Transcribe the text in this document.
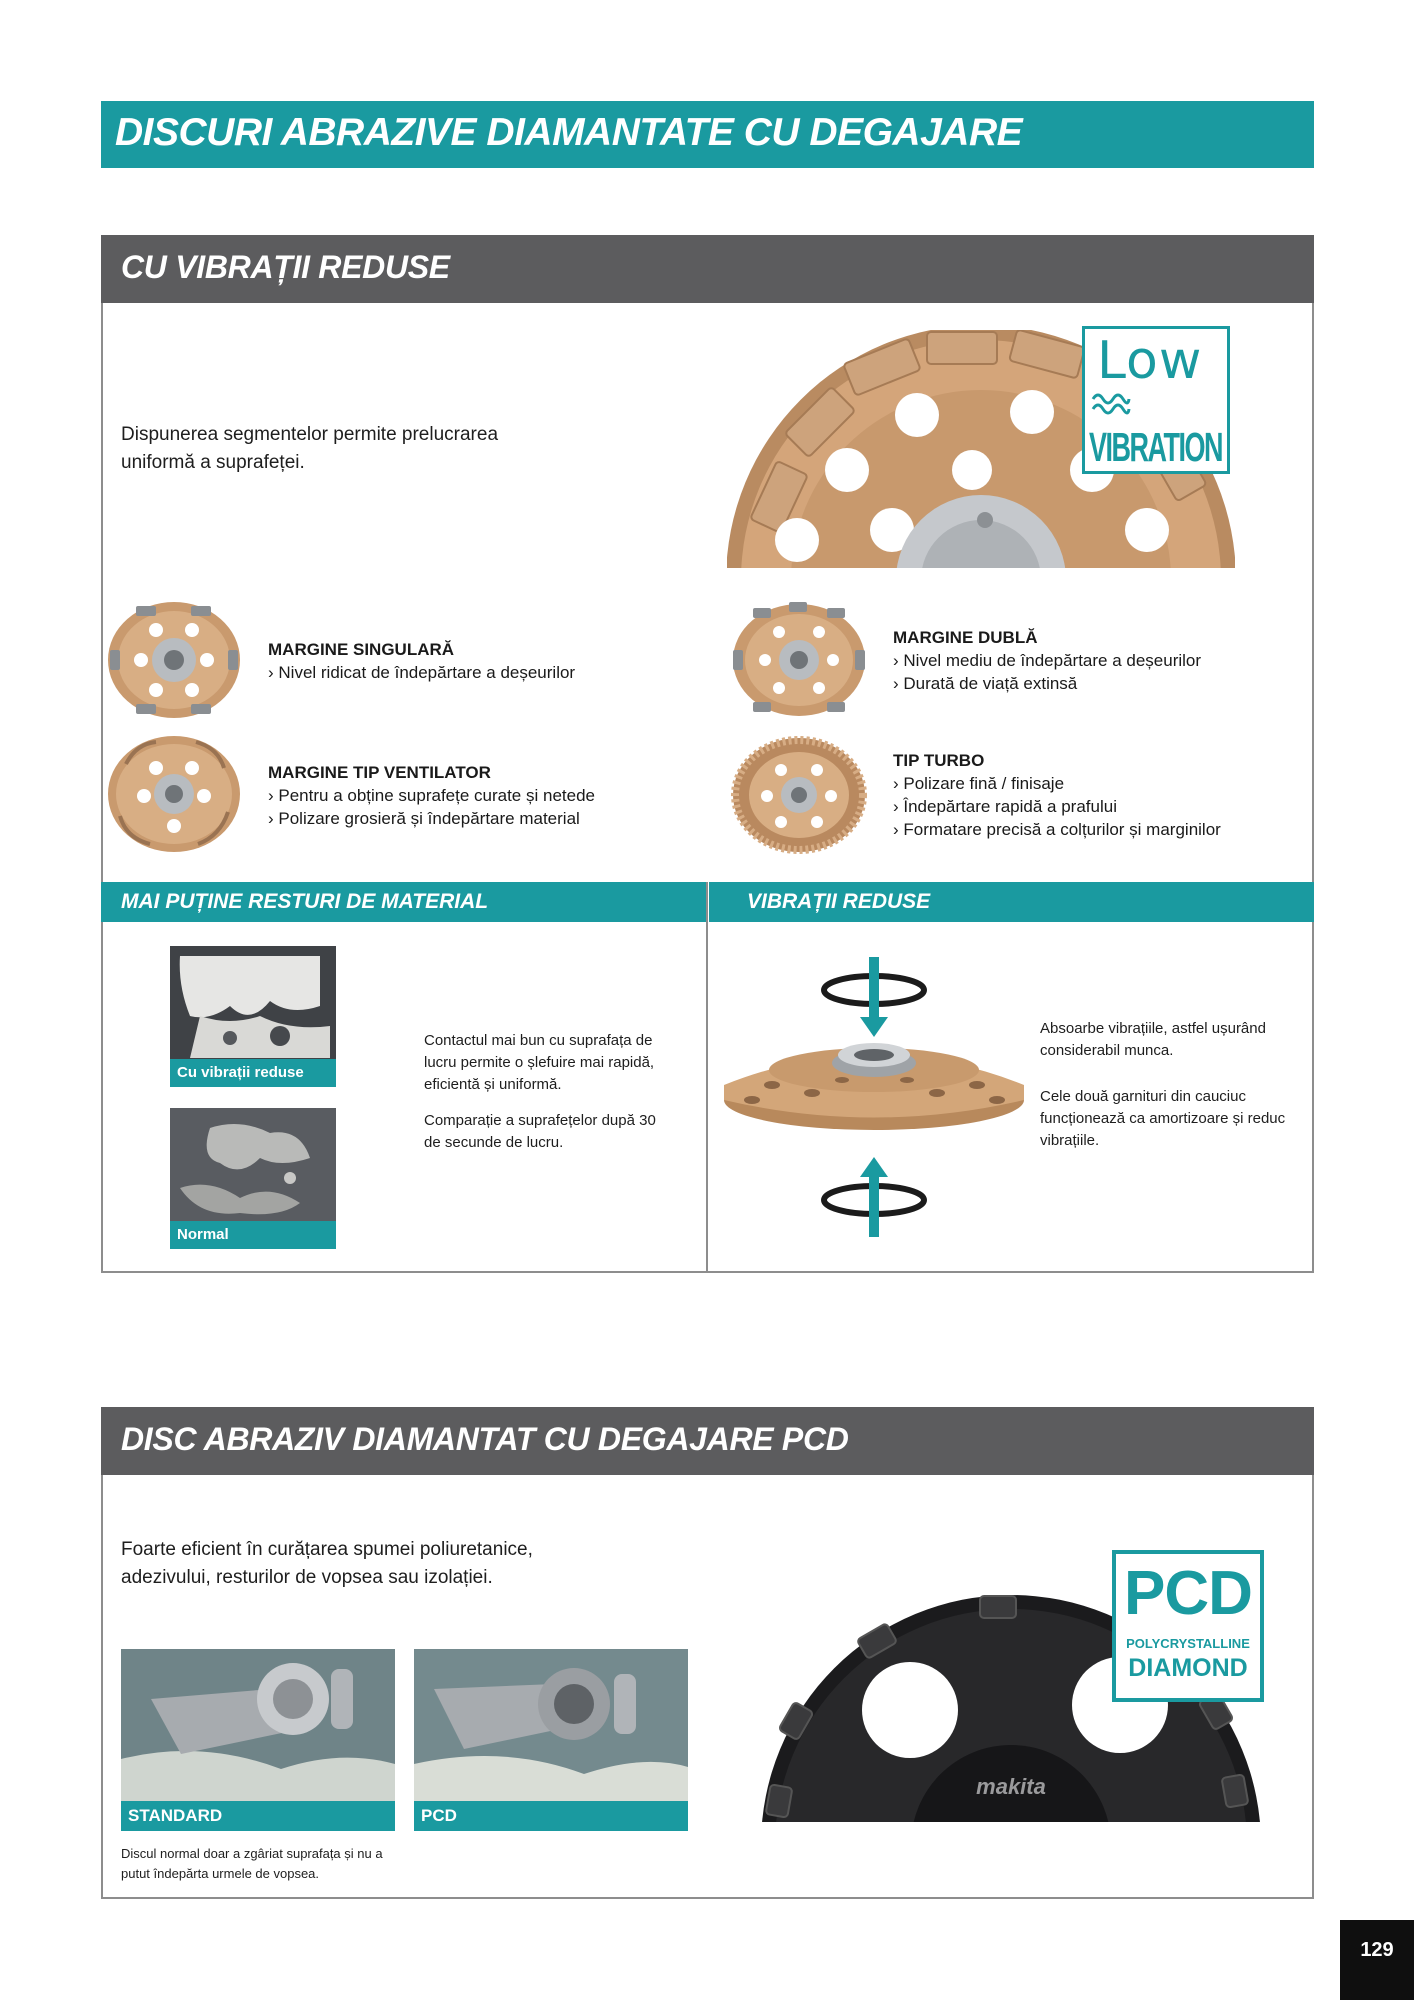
DISCURI ABRAZIVE DIAMANTATE CU DEGAJARE
CU VIBRAȚII REDUSE
Dispunerea segmentelor permite prelucrarea
uniformă a suprafeței.
Low
VIBRATION
MARGINE SINGULARĂ
› Nivel ridicat de îndepărtare a deșeurilor
MARGINE DUBLĂ
› Nivel mediu de îndepărtare a deșeurilor
› Durată de viață extinsă
MARGINE TIP VENTILATOR
› Pentru a obține suprafețe curate și netede
› Polizare grosieră și îndepărtare material
TIP TURBO
› Polizare fină / finisaje
› Îndepărtare rapidă a prafului
› Formatare precisă a colțurilor și marginilor
MAI PUȚINE RESTURI DE MATERIAL	VIBRAȚII REDUSE
Cu vibrații reduse
Normal
Contactul mai bun cu suprafața de
lucru permite o șlefuire mai rapidă,
eficientă și uniformă.
Comparație a suprafețelor după 30
de secunde de lucru.
Absoarbe vibrațiile, astfel ușurând
considerabil munca.
Cele două garnituri din cauciuc
funcționează ca amortizoare și reduc
vibrațiile.
DISC ABRAZIV DIAMANTAT CU DEGAJARE PCD
Foarte eficient în curățarea spumei poliuretanice,
adezivului, resturilor de vopsea sau izolației.
STANDARD	PCD
Discul normal doar a zgâriat suprafața și nu a
putut îndepărta urmele de vopsea.
makita
PCD
POLYCRYSTALLINE
DIAMOND
129
